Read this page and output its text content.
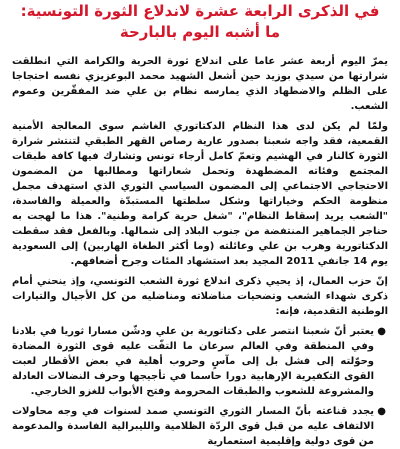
في الذكرى الرابعة عشرة لاندلاع الثورة التونسية:

ما أشبه اليوم بالبارحة

يمرّ اليوم أربعة عشر عاما على اندلاع ثورة الحرية والكرامة التي انطلقت شرارتها من سيدي بوزيد حين أشعل الشهيد محمد البوعزيزي نفسه احتجاجا على الظلم والاضطهاد الذي يمارسه نظام بن علي ضد المفقّرين وعموم الشعب.

ولمّا لم يكن لدى هذا النظام الدكتاتوري الغاشم سوى المعالجة الأمنية القمعية، فقد واجه شعبنا بصدور عارية رصاص القهر الطبقي لتنتشر شرارة الثورة كالنار في الهشيم وتعمّ كامل أرجاء تونس وتشارك فيها كافة طبقات المجتمع وفئاته المضطهدة وتحمل شعاراتها ومطالبها من المضمون الاحتجاجي الاجتماعي إلى المضمون السياسي الثوري الذي استهدف مجمل منظومة الحكم وخياراتها وشكل سلطتها المستبدّة والعميلة والفاسدة، "الشعب يريد إسقاط النظام"، "شغل حرية كرامة وطنية". هذا ما لهجت به حناجر الجماهير المنتفضة من جنوب البلاد إلى شمالها. وبالفعل فقد سقطت الدكتاتورية وهرب بن علي وعائلته (وما أكثر الطغاة الهاربين) إلى السعودية يوم 14 جانفي 2011 المجيد بعد استشهاد المئات وجرح أضعافهم.

إنّ حزب العمال، إذ يحيي ذكرى اندلاع ثورة الشعب التونسي، وإذ ينحني أمام ذكرى شهداء الشعب وتضحيات مناضلاته ومناضليه من كل الأجيال والتيارات الوطنية التقدمية، فإنه:

●
يعتبر أنّ شعبنا انتصر على دكتاتورية بن علي ودشّن مسارا ثوريا في بلادنا وفي المنطقة وفي العالم سرعان ما التفّت عليه قوى الثورة المضادة وحوّلته إلى فشل بل إلى مآسٍ وحروب أهلية في بعض الأقطار لعبت القوى التكفيرية الإرهابية دورا حاسما في تأجيجها وحرف النضالات العادلة والمشروعة للشعوب والطبقات المحرومة وفتح الأبواب للغزو الخارجي.
●
يجدد قناعته بأنّ المسار الثوري التونسي صمد لسنوات في وجه محاولات الالتفاف عليه من قبل قوى الردّة الظلامية والليبرالية الفاسدة والمدعومة من قوى دولية وإقليمية استعمارية
